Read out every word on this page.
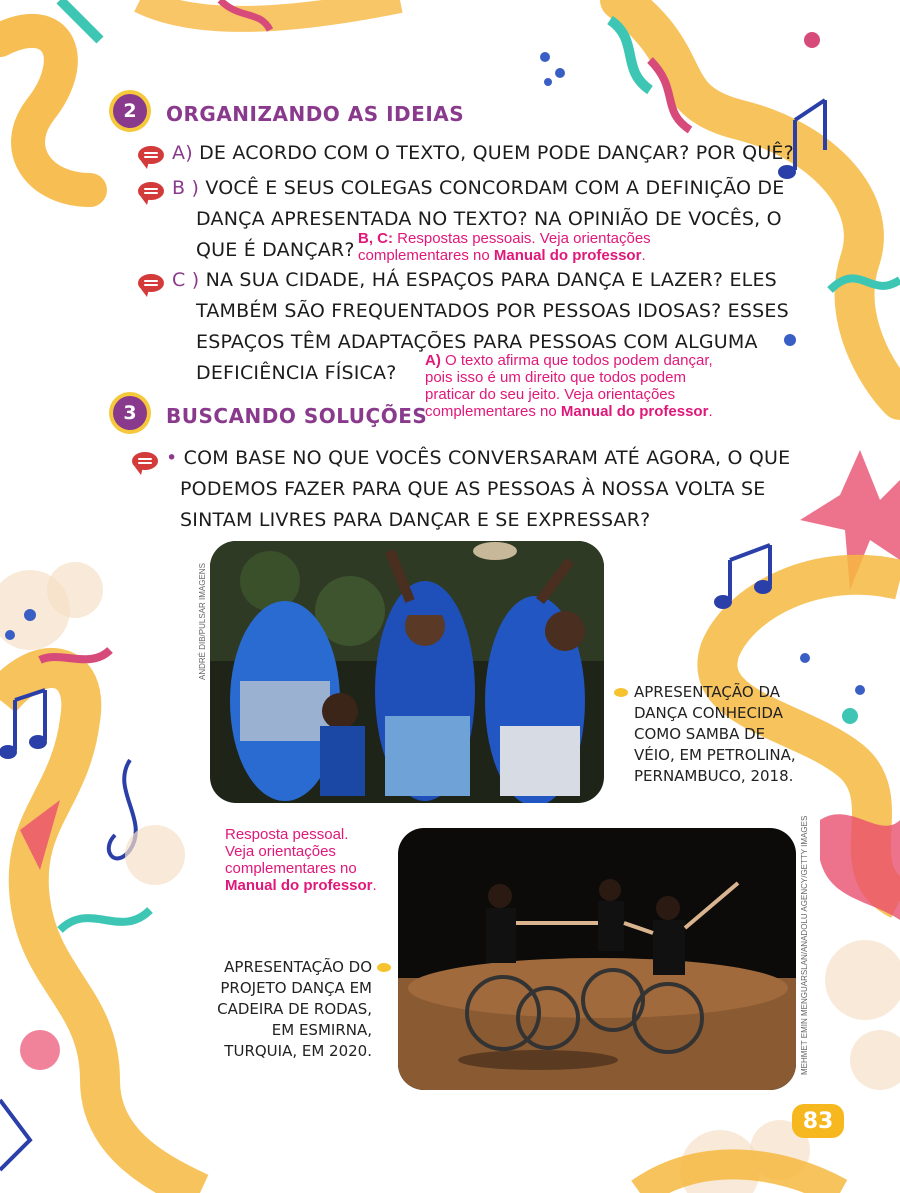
2	ORGANIZANDO AS IDEIAS
A) DE ACORDO COM O TEXTO, QUEM PODE DANÇAR? POR QUÊ?
B ) VOCÊ E SEUS COLEGAS CONCORDAM COM A DEFINIÇÃO DE
DANÇA APRESENTADA NO TEXTO? NA OPINIÃO DE VOCÊS, O
QUE É DANÇAR?
B, C: Respostas pessoais. Veja orientações
complementares no Manual do professor.
C ) NA SUA CIDADE, HÁ ESPAÇOS PARA DANÇA E LAZER? ELES
TAMBÉM SÃO FREQUENTADOS POR PESSOAS IDOSAS? ESSES
ESPAÇOS TÊM ADAPTAÇÕES PARA PESSOAS COM ALGUMA
DEFICIÊNCIA FÍSICA?
A) O texto afirma que todos podem dançar,
pois isso é um direito que todos podem
praticar do seu jeito. Veja orientações
complementares no Manual do professor.
3	BUSCANDO SOLUÇÕES
• COM BASE NO QUE VOCÊS CONVERSARAM ATÉ AGORA, O QUE
PODEMOS FAZER PARA QUE AS PESSOAS À NOSSA VOLTA SE
SINTAM LIVRES PARA DANÇAR E SE EXPRESSAR?
ANDRÉ DIB/PULSAR IMAGENS
APRESENTAÇÃO DA
DANÇA CONHECIDA
COMO SAMBA DE
VÉIO, EM PETROLINA,
PERNAMBUCO, 2018.
Resposta pessoal.
Veja orientações
complementares no
Manual do professor.	MEHMET EMIN MENGUARSLAN/ANADOLU AGENCY/GETTY IMAGES
APRESENTAÇÃO DO
PROJETO DANÇA EM
CADEIRA DE RODAS,
EM ESMIRNA,
TURQUIA, EM 2020.
83
